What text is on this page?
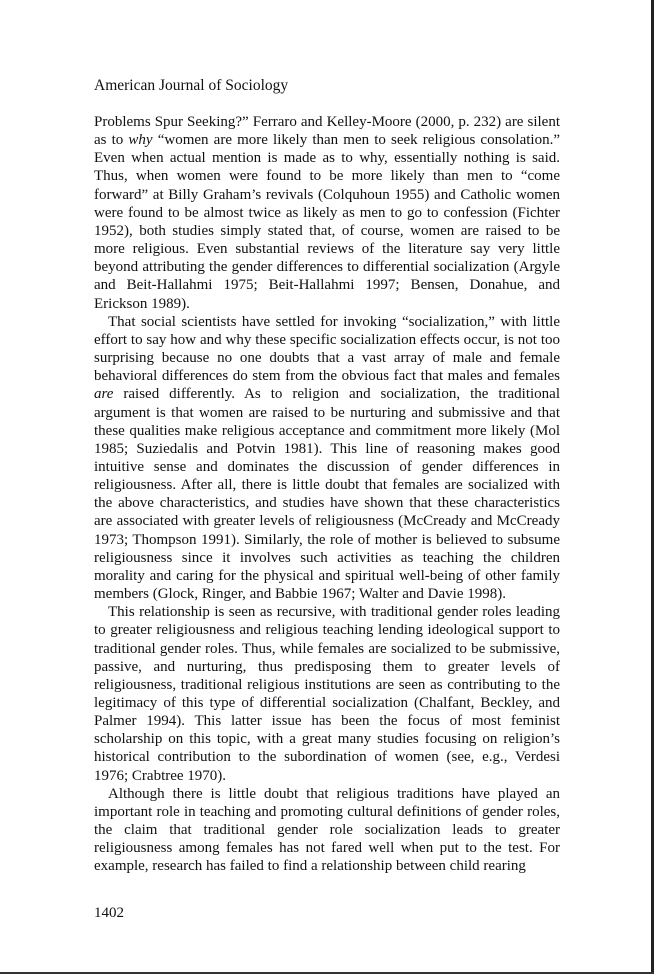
American Journal of Sociology

Problems Spur Seeking?” Ferraro and Kelley-Moore (2000, p. 232) are silent as to why “women are more likely than men to seek religious consolation.” Even when actual mention is made as to why, essentially nothing is said. Thus, when women were found to be more likely than men to “come forward” at Billy Graham’s revivals (Colquhoun 1955) and Catholic women were found to be almost twice as likely as men to go to confession (Fichter 1952), both studies simply stated that, of course, women are raised to be more religious. Even substantial reviews of the literature say very little beyond attributing the gender differences to differential socialization (Argyle and Beit-Hallahmi 1975; Beit-Hallahmi 1997; Bensen, Donahue, and Erickson 1989).

That social scientists have settled for invoking “socialization,” with little effort to say how and why these specific socialization effects occur, is not too surprising because no one doubts that a vast array of male and female behavioral differences do stem from the obvious fact that males and females are raised differently. As to religion and socialization, the traditional argument is that women are raised to be nurturing and submissive and that these qualities make religious acceptance and commitment more likely (Mol 1985; Suziedalis and Potvin 1981). This line of reasoning makes good intuitive sense and dominates the discussion of gender differences in religiousness. After all, there is little doubt that females are socialized with the above characteristics, and studies have shown that these characteristics are associated with greater levels of religiousness (McCready and McCready 1973; Thompson 1991). Similarly, the role of mother is believed to subsume religiousness since it involves such activities as teaching the children morality and caring for the physical and spiritual well-being of other family members (Glock, Ringer, and Babbie 1967; Walter and Davie 1998).

This relationship is seen as recursive, with traditional gender roles leading to greater religiousness and religious teaching lending ideological support to traditional gender roles. Thus, while females are socialized to be submissive, passive, and nurturing, thus predisposing them to greater levels of religiousness, traditional religious institutions are seen as contributing to the legitimacy of this type of differential socialization (Chalfant, Beckley, and Palmer 1994). This latter issue has been the focus of most feminist scholarship on this topic, with a great many studies focusing on religion’s historical contribution to the subordination of women (see, e.g., Verdesi 1976; Crabtree 1970).

Although there is little doubt that religious traditions have played an important role in teaching and promoting cultural definitions of gender roles, the claim that traditional gender role socialization leads to greater religiousness among females has not fared well when put to the test. For example, research has failed to find a relationship between child rearing

1402
